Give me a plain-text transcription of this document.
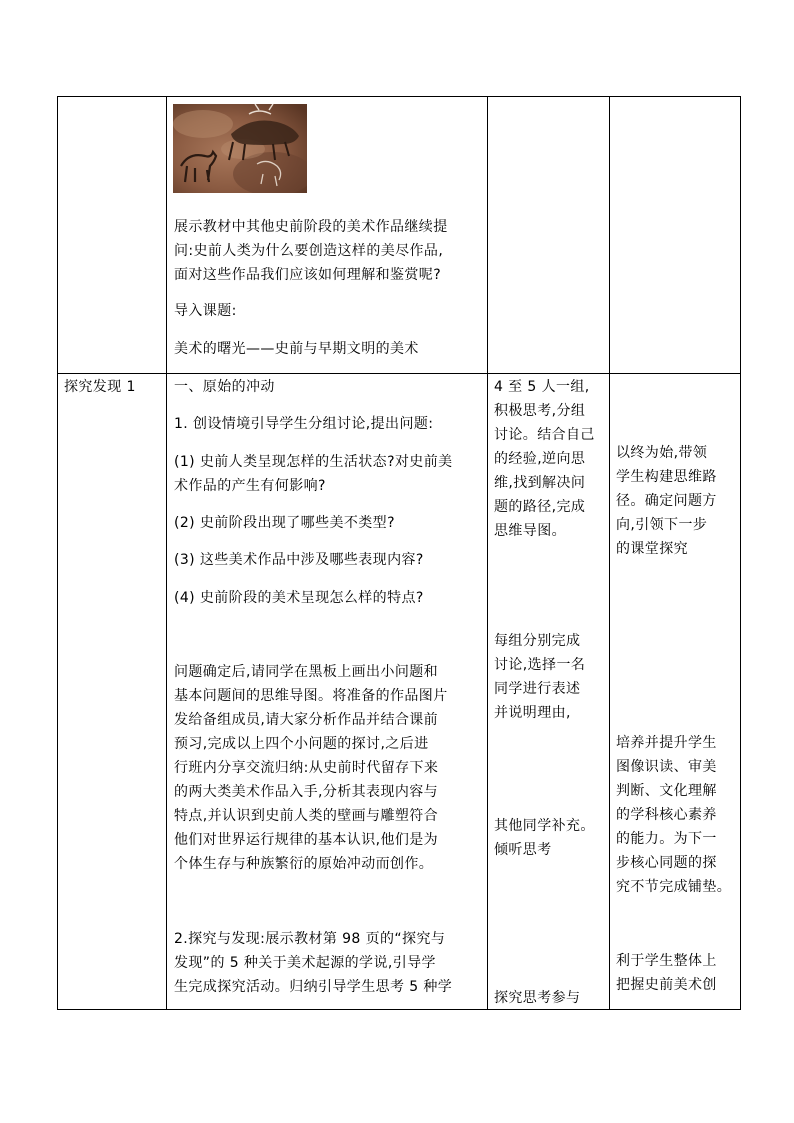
展示教材中其他史前阶段的美术作品继续提
问:史前人类为什么要创造这样的美尽作品,
面对这些作品我们应该如何理解和鉴赏呢?
导入课题:
美术的曙光——史前与早期文明的美术
探究发现 1	一、原始的冲动
1. 创设情境引导学生分组讨论,提出问题:
(1) 史前人类呈现怎样的生活状态?对史前美
术作品的产生有何影响?
(2) 史前阶段出现了哪些美不类型?
(3) 这些美术作品中涉及哪些表现内容?
(4) 史前阶段的美术呈现怎么样的特点?
问题确定后,请同学在黑板上画出小问题和
基本问题间的思维导图。将准备的作品图片
发给备组成员,请大家分析作品并结合课前
预习,完成以上四个小问题的探讨,之后进
行班内分享交流归纳:从史前时代留存下来
的两大类美术作品入手,分析其表现内容与
特点,并认识到史前人类的壁画与雕塑符合
他们对世界运行规律的基本认识,他们是为
个体生存与种族繁衍的原始冲动而创作。
2.探究与发现:展示教材第 98 页的“探究与
发现”的 5 种关于美术起源的学说,引导学
生完成探究活动。归纳引导学生思考 5 种学
4 至 5 人一组,
积极思考,分组
讨论。结合自己
的经验,逆向思
维,找到解决问
题的路径,完成
思维导图。
每组分别完成
讨论,选择一名
同学进行表述
并说明理由,
其他同学补充。
倾听思考
探究思考参与
以终为始,带领
学生构建思维路
径。确定问题方
向,引领下一步
的课堂探究
培养并提升学生
图像识读、审美
判断、文化理解
的学科核心素养
的能力。为下一
步核心同题的探
究不节完成铺垫。
利于学生整体上
把握史前美术创
